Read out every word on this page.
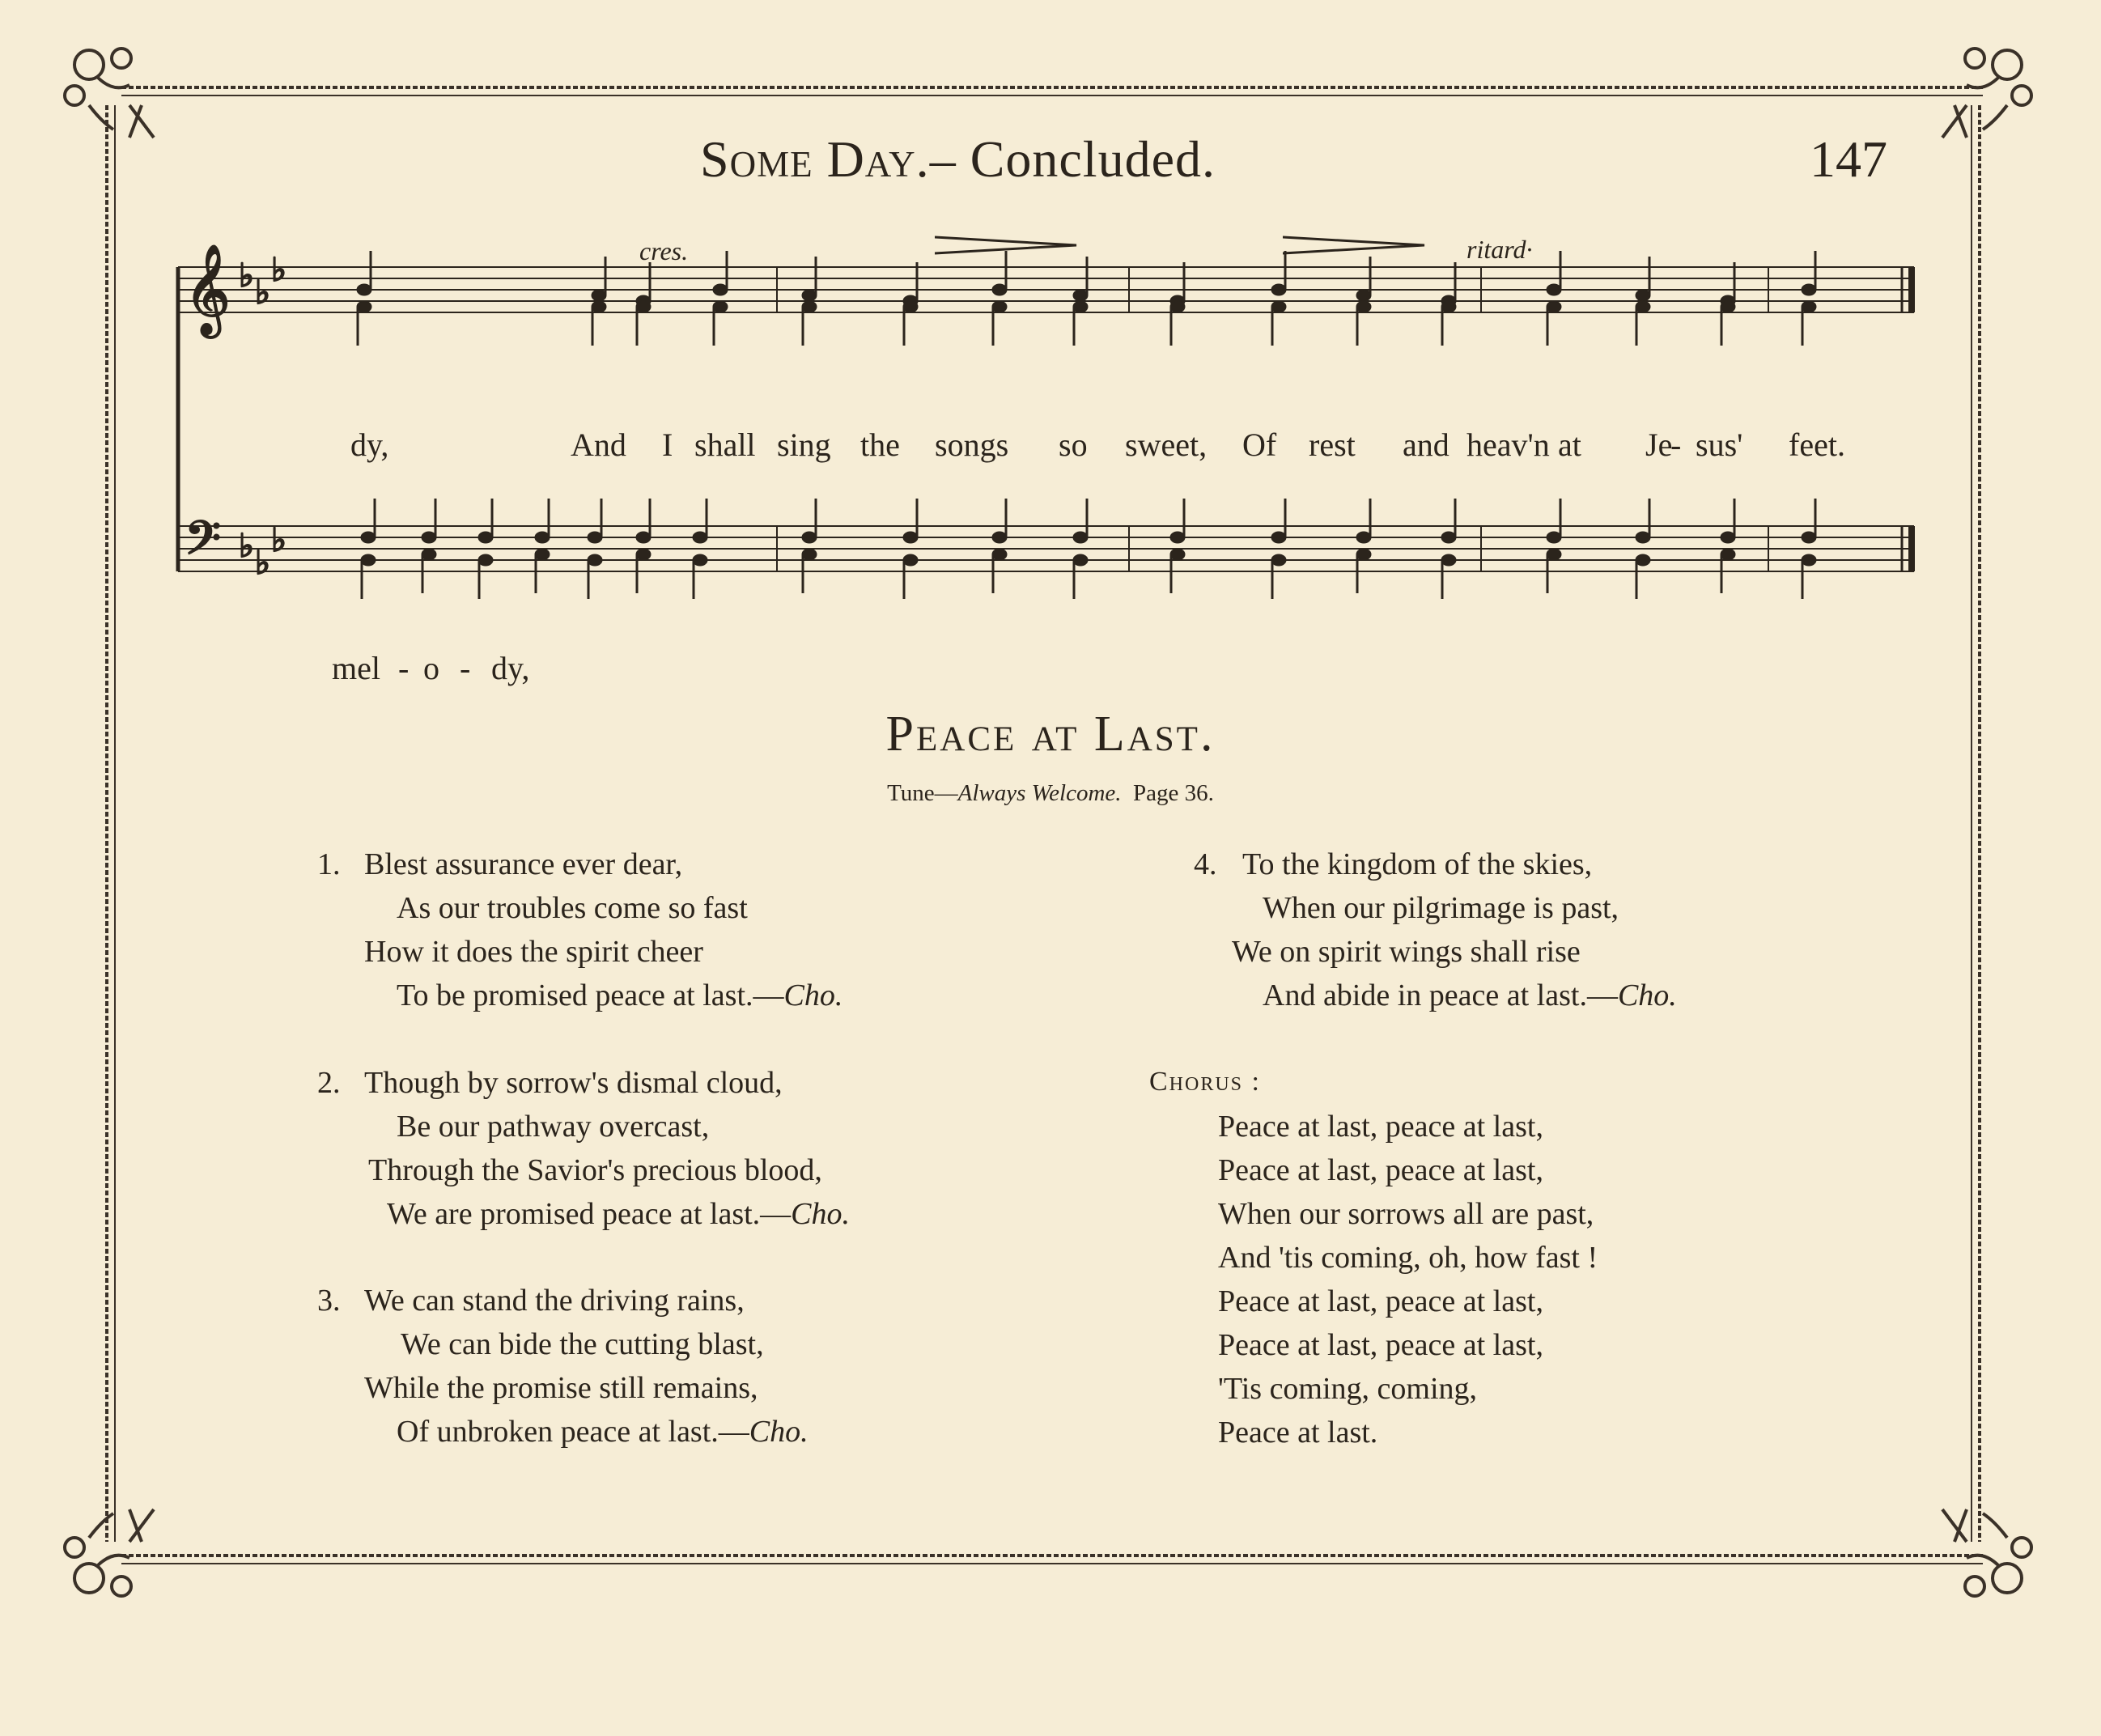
Some Day.– Concluded.	147
𝄞
𝄢
♭ ♭
♭
♭ ♭
♭
cres.	ritard·
dy,	And I shall sing the songs so sweet, Of rest and heav'n at Je
- sus' feet.
mel - o - dy,
Peace at Last.
Tune—Always Welcome. Page 36.
1. Blest assurance ever dear,
As our troubles come so fast
How it does the spirit cheer
To be promised peace at last.—Cho.
2. Though by sorrow's dismal cloud,
Be our pathway overcast,
Through the Savior's precious blood,
We are promised peace at last.—Cho.
3. We can stand the driving rains,
We can bide the cutting blast,
While the promise still remains,
Of unbroken peace at last.—Cho.
4. To the kingdom of the skies,
When our pilgrimage is past,
We on spirit wings shall rise
And abide in peace at last.—Cho.
Chorus :
Peace at last, peace at last,
Peace at last, peace at last,
When our sorrows all are past,
And 'tis coming, oh, how fast !
Peace at last, peace at last,
Peace at last, peace at last,
'Tis coming, coming,
Peace at last.
